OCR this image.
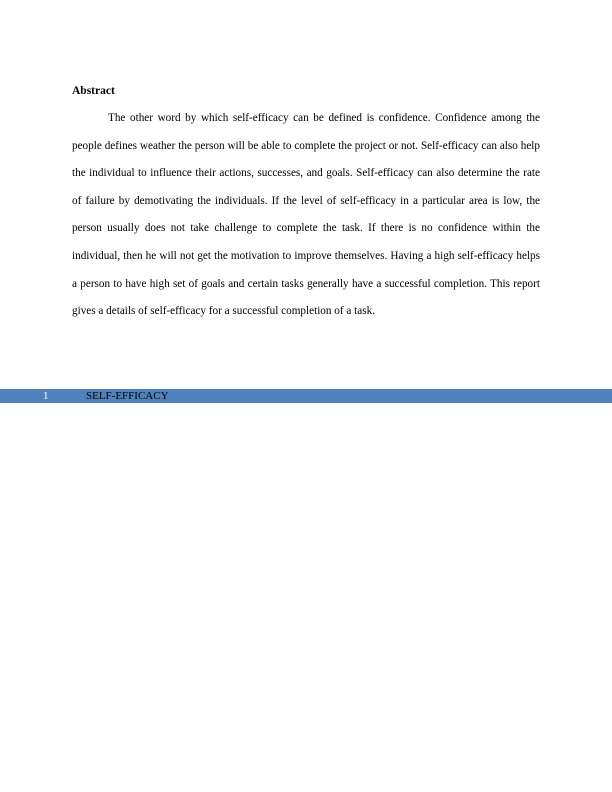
Abstract

The other word by which self-efficacy can be defined is confidence. Confidence among the people defines weather the person will be able to complete the project or not. Self-efficacy can also help the individual to influence their actions, successes, and goals. Self-efficacy can also determine the rate of failure by demotivating the individuals. If the level of self-efficacy in a particular area is low, the person usually does not take challenge to complete the task. If there is no confidence within the individual, then he will not get the motivation to improve themselves. Having a high self-efficacy helps a person to have high set of goals and certain tasks generally have a successful completion. This report gives a details of self-efficacy for a successful completion of a task.

1	SELF-EFFICACY
